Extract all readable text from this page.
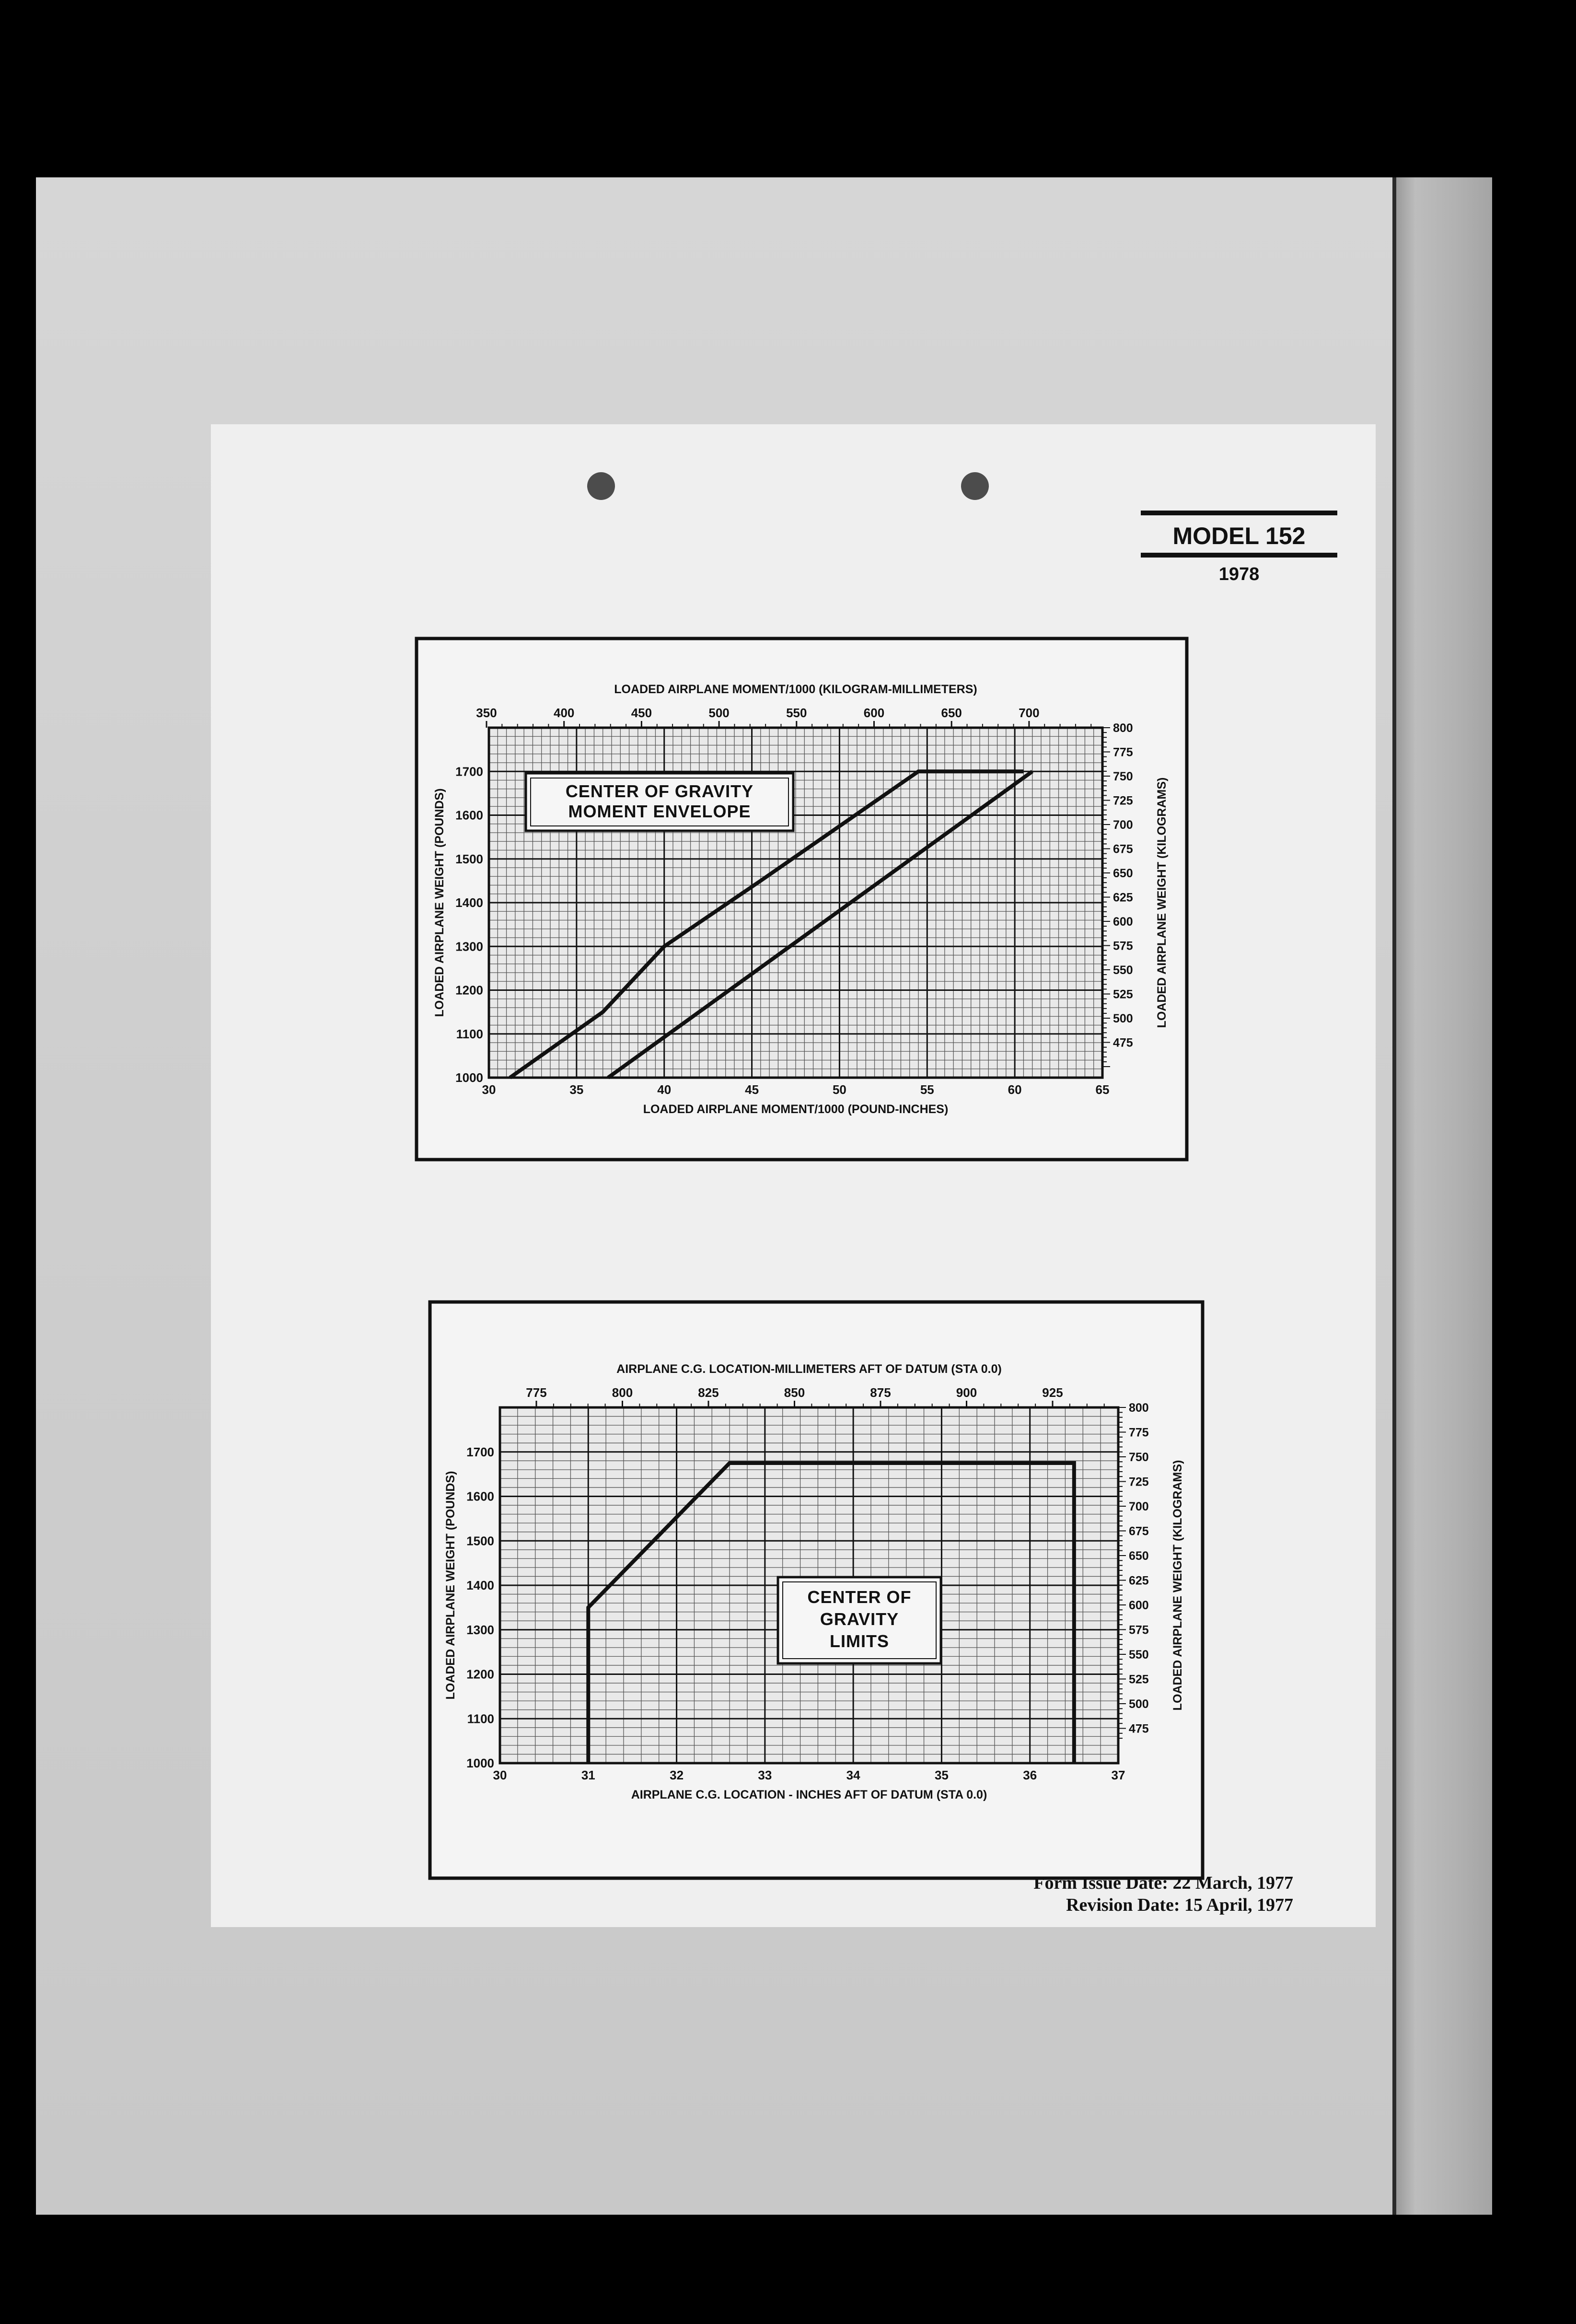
MODEL 152
1978
30	35	40	45	50	55	60	65
1000
1100
1200
1300
1400
1500
1600
1700
350	400	450	500	550	600	650	700
800
775
750
725
700
675
650
625
600
575
550
525
500
475
LOADED AIRPLANE MOMENT/1000 (KILOGRAM-MILLIMETERS)
LOADED AIRPLANE MOMENT/1000 (POUND-INCHES)
LOADED AIRPLANE WEIGHT (POUNDS)	LOADED AIRPLANE WEIGHT (KILOGRAMS)
CENTER OF GRAVITY
MOMENT ENVELOPE
30	31	32	33	34	35	36	37
1000
1100
1200
1300
1400
1500
1600
1700
775	800	825	850	875	900	925
800
775
750
725
700
675
650
625
600
575
550
525
500
475
AIRPLANE C.G. LOCATION-MILLIMETERS AFT OF DATUM (STA 0.0)
AIRPLANE C.G. LOCATION - INCHES AFT OF DATUM (STA 0.0)
LOADED AIRPLANE WEIGHT (POUNDS)	LOADED AIRPLANE WEIGHT (KILOGRAMS)
CENTER OF
GRAVITY
LIMITS
Form Issue Date: 22 March, 1977
Revision Date: 15 April, 1977
